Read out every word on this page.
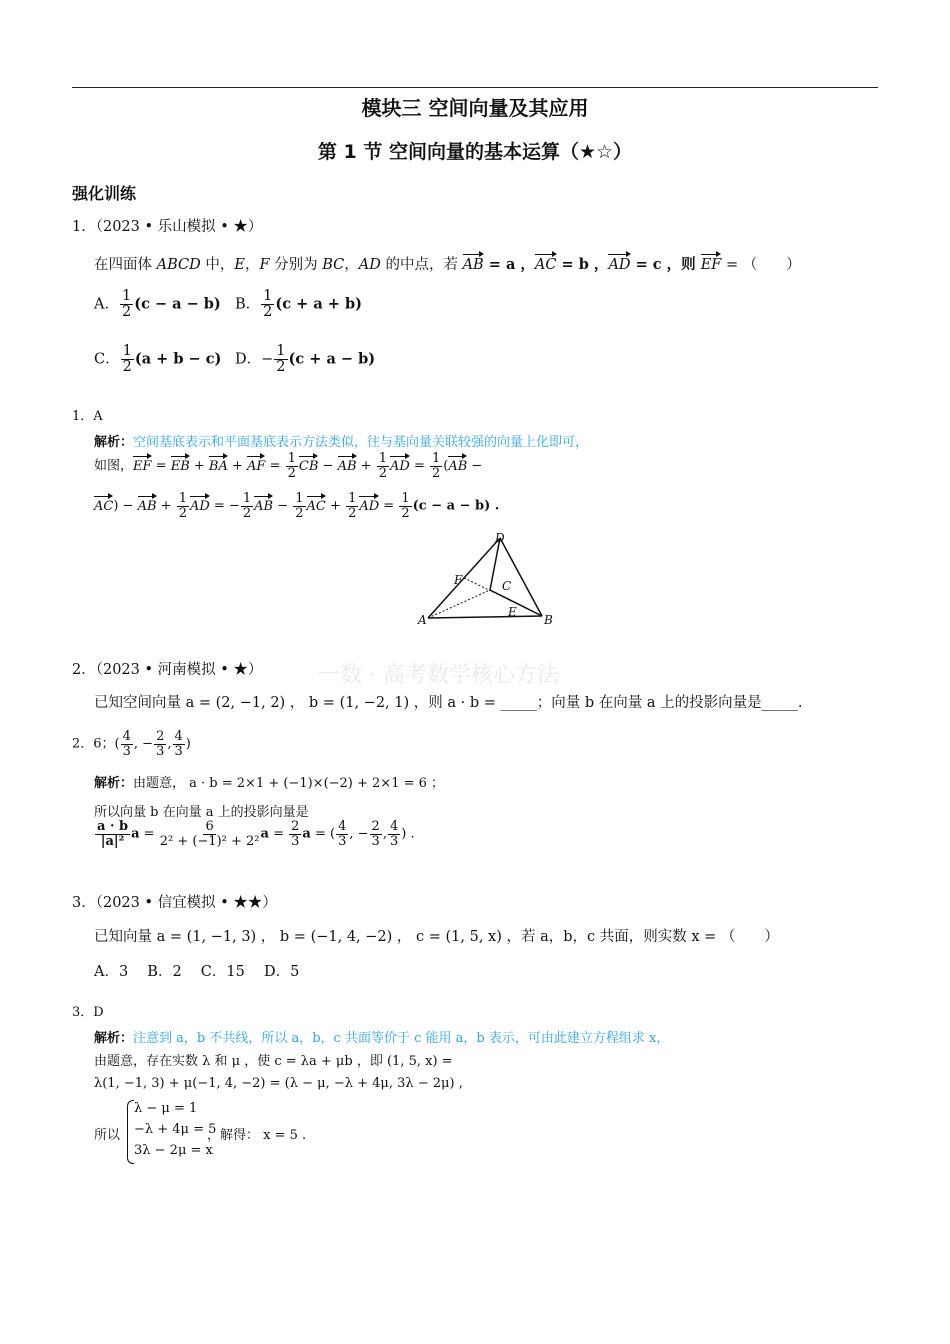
模块三 空间向量及其应用
第 1 节 空间向量的基本运算（★☆）
强化训练
一数 · 高考数学核心方法
1．（2023 • 乐山模拟 • ★）
在四面体 ABCD 中，E，F 分别为 BC，AD 的中点，若 AB = a ，AC = b ，AD = c ，则 EF = （　　）
A． $\frac{1}{2} (c - a - b)$ B． $\frac{1}{2} (c + a + b)$
C． $\frac{1}{2} (a + b - c)$ D．− $\frac{1}{2} (c + a - b)$
1．A
解析：空间基底表示和平面基底表示方法类似，往与基向量关联较强的向量上化即可，
如图，EF = EB + BA + AF = $\frac{1}{2}$ CB − AB + $\frac{1}{2}$ AD = $\frac{1}{2} (AB$ −
AC) − AB + $\frac{1}{2}$ AD = − $\frac{1}{2}$ AB − $\frac{1}{2}$ AC + $\frac{1}{2}$ AD = $\frac{1}{2} (c - a - b)$ .
D
A	B
C
E
F
2．（2023 • 河南模拟 • ★）
已知空间向量 a = (2, −1, 2) ， b = (1, −2, 1) ，则 a · b = _____；向量 b 在向量 a 上的投影向量是_____.
2．6；( $\frac{4}{3}$ , − $\frac{2}{3}$ , $\frac{4}{3}$ )
解析：由题意， a · b = 2×1 + (−1)×(−2) + 2×1 = 6 ；
所以向量 b 在向量 a 上的投影向量是
$\frac{a \cdot b}{\text{|a|²}}$ $a = \frac{6}{\text{2² + (−1)² + 2²}}$ $a = \frac{2}{3}$ a = ( $\frac{4}{3}$ , − $\frac{2}{3}$ , $\frac{4}{3}$ ) .
3．（2023 • 信宜模拟 • ★★）
已知向量 a = (1, −1, 3) ， b = (−1, 4, −2) ， c = (1, 5, x) ，若 a，b，c 共面，则实数 x = （　　）
A．3　 B．2　 C．15　 D．5
3．D
解析：注意到 a，b 不共线，所以 a，b，c 共面等价于 c 能用 a，b 表示，可由此建立方程组求 x，
由题意，存在实数 λ 和 μ ，使 c = λa + μb ，即 (1, 5, x) =
λ(1, −1, 3) + μ(−1, 4, −2) = (λ − μ, −λ + 4μ, 3λ − 2μ) ,
所以
λ − μ = 1
−λ + 4μ = 5
3λ − 2μ = x
，解得： x = 5 .
